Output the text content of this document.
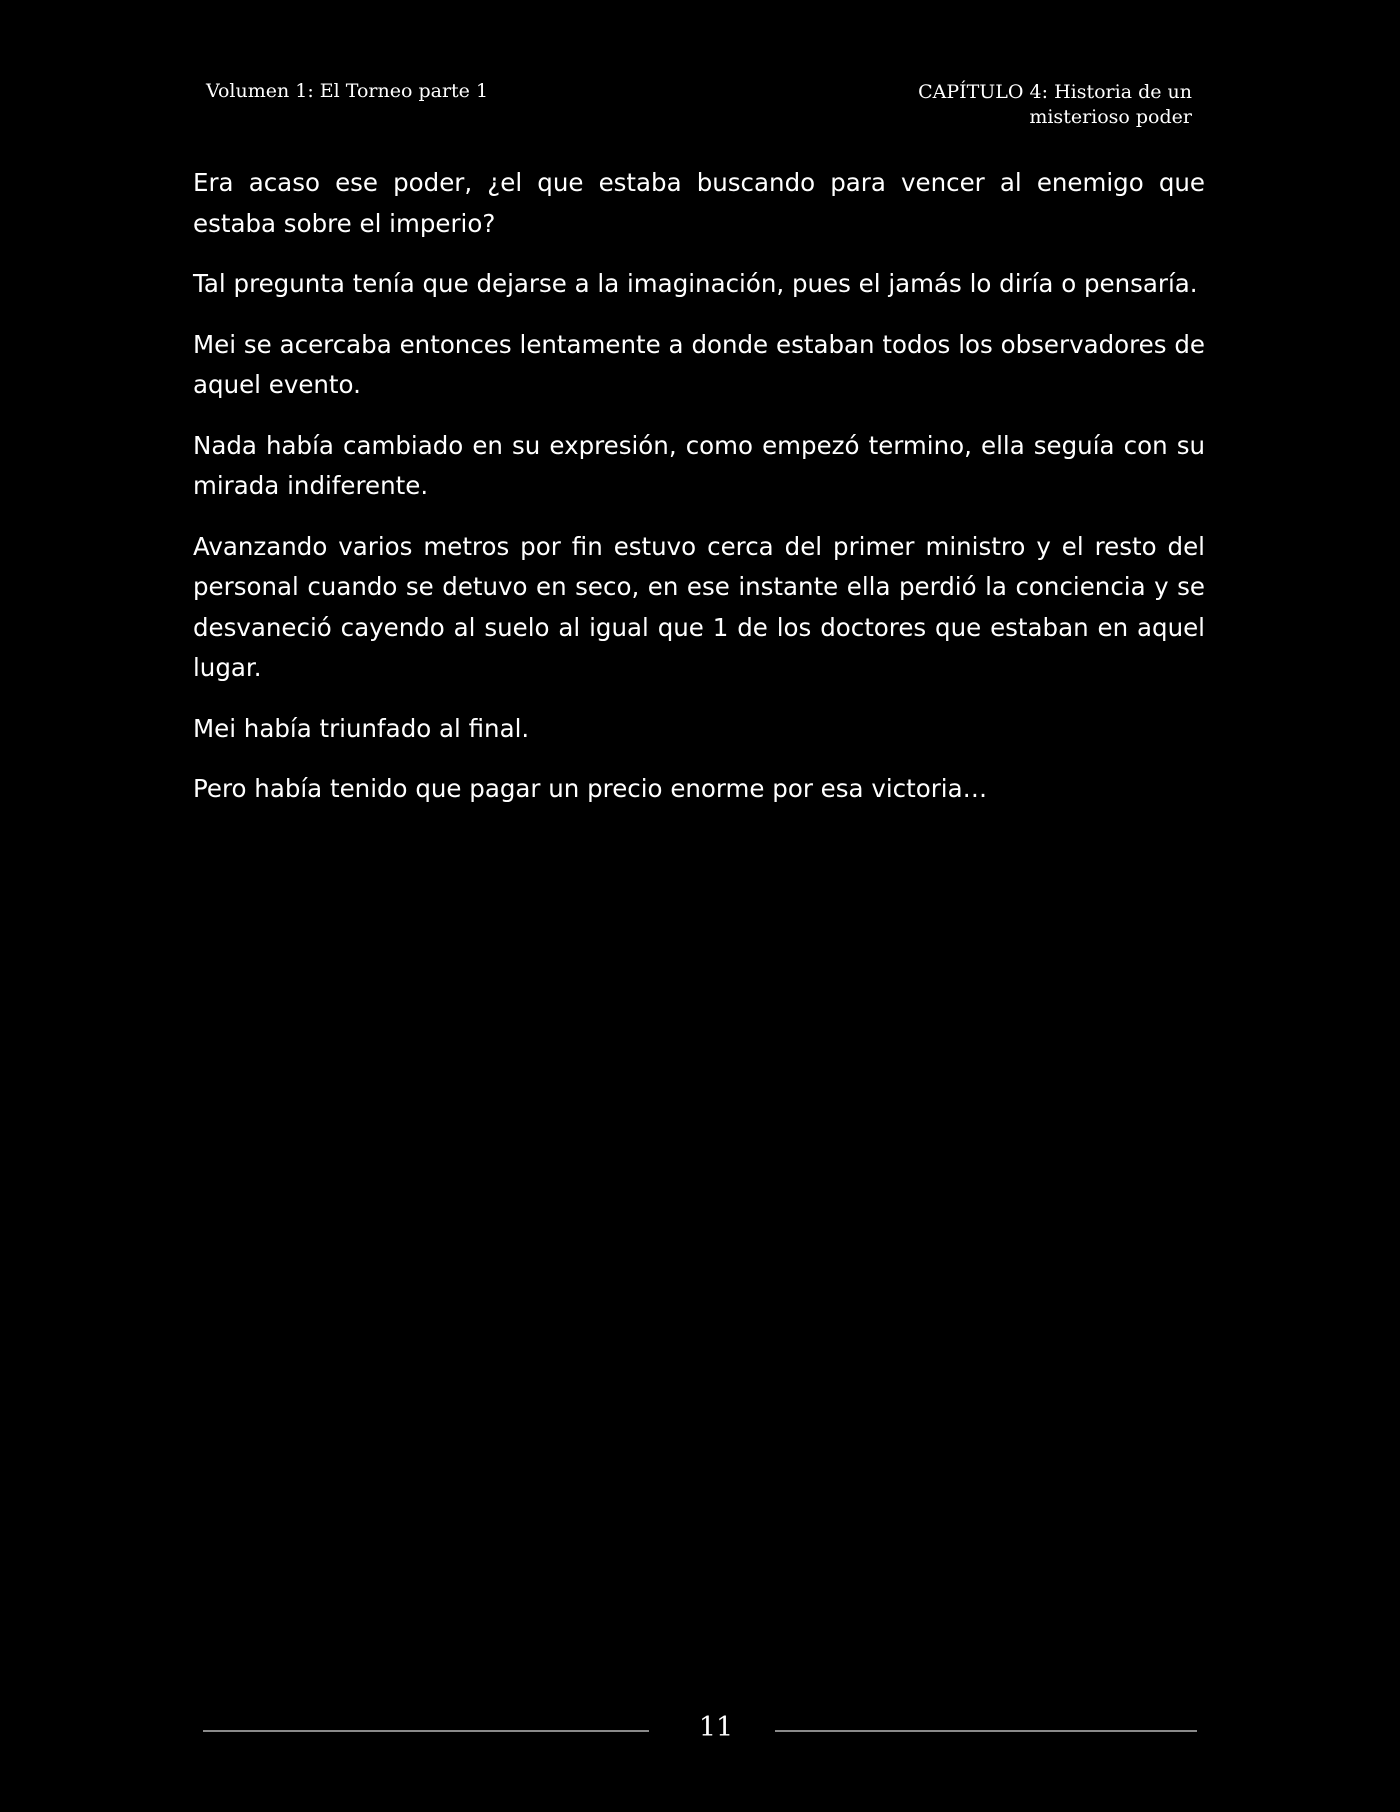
Volumen 1: El Torneo parte 1	CAPÍTULO 4: Historia de un
misterioso poder

Era acaso ese poder, ¿el que estaba buscando para vencer al enemigo que estaba sobre el imperio?

Tal pregunta tenía que dejarse a la imaginación, pues el jamás lo diría o pensaría.

Mei se acercaba entonces lentamente a donde estaban todos los observadores de aquel evento.

Nada había cambiado en su expresión, como empezó termino, ella seguía con su mirada indiferente.

Avanzando varios metros por fin estuvo cerca del primer ministro y el resto del personal cuando se detuvo en seco, en ese instante ella perdió la conciencia y se desvaneció cayendo al suelo al igual que 1 de los doctores que estaban en aquel lugar.

Mei había triunfado al final.

Pero había tenido que pagar un precio enorme por esa victoria…

11
